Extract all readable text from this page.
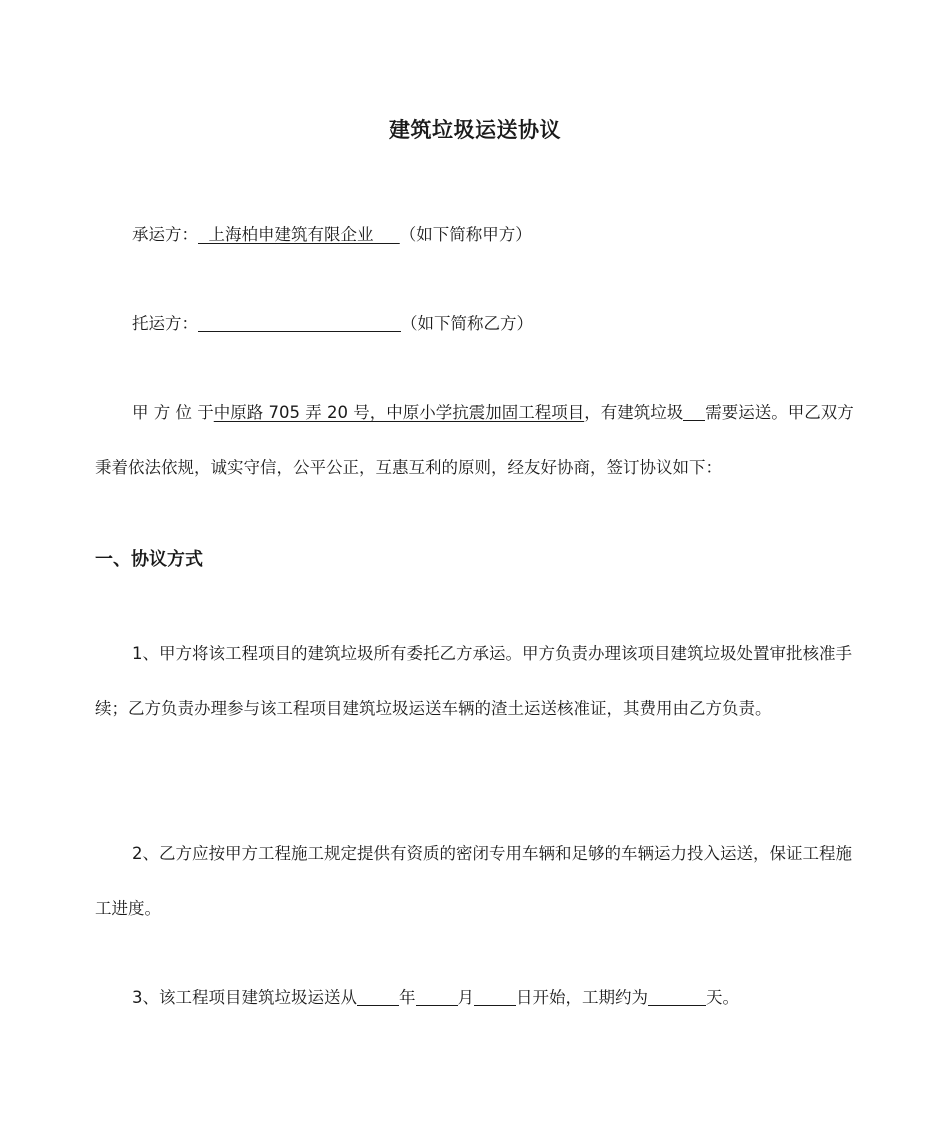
建筑垃圾运送协议

承运方： 上海柏申建筑有限企业 （如下简称甲方）

托运方：	（如下简称乙方）

甲 方 位 于中原路 705 弄 20 号，中原小学抗震加固工程项目，有建筑垃圾 需要运送。甲乙双方秉着依法依规，诚实守信，公平公正，互惠互利的原则，经友好协商，签订协议如下：

一、协议方式

1、甲方将该工程项目的建筑垃圾所有委托乙方承运。甲方负责办理该项目建筑垃圾处置审批核准手续；乙方负责办理参与该工程项目建筑垃圾运送车辆的渣土运送核准证，其费用由乙方负责。

2、乙方应按甲方工程施工规定提供有资质的密闭专用车辆和足够的车辆运力投入运送，保证工程施工进度。

3、该工程项目建筑垃圾运送从	年	月	日开始，工期约为	天。
